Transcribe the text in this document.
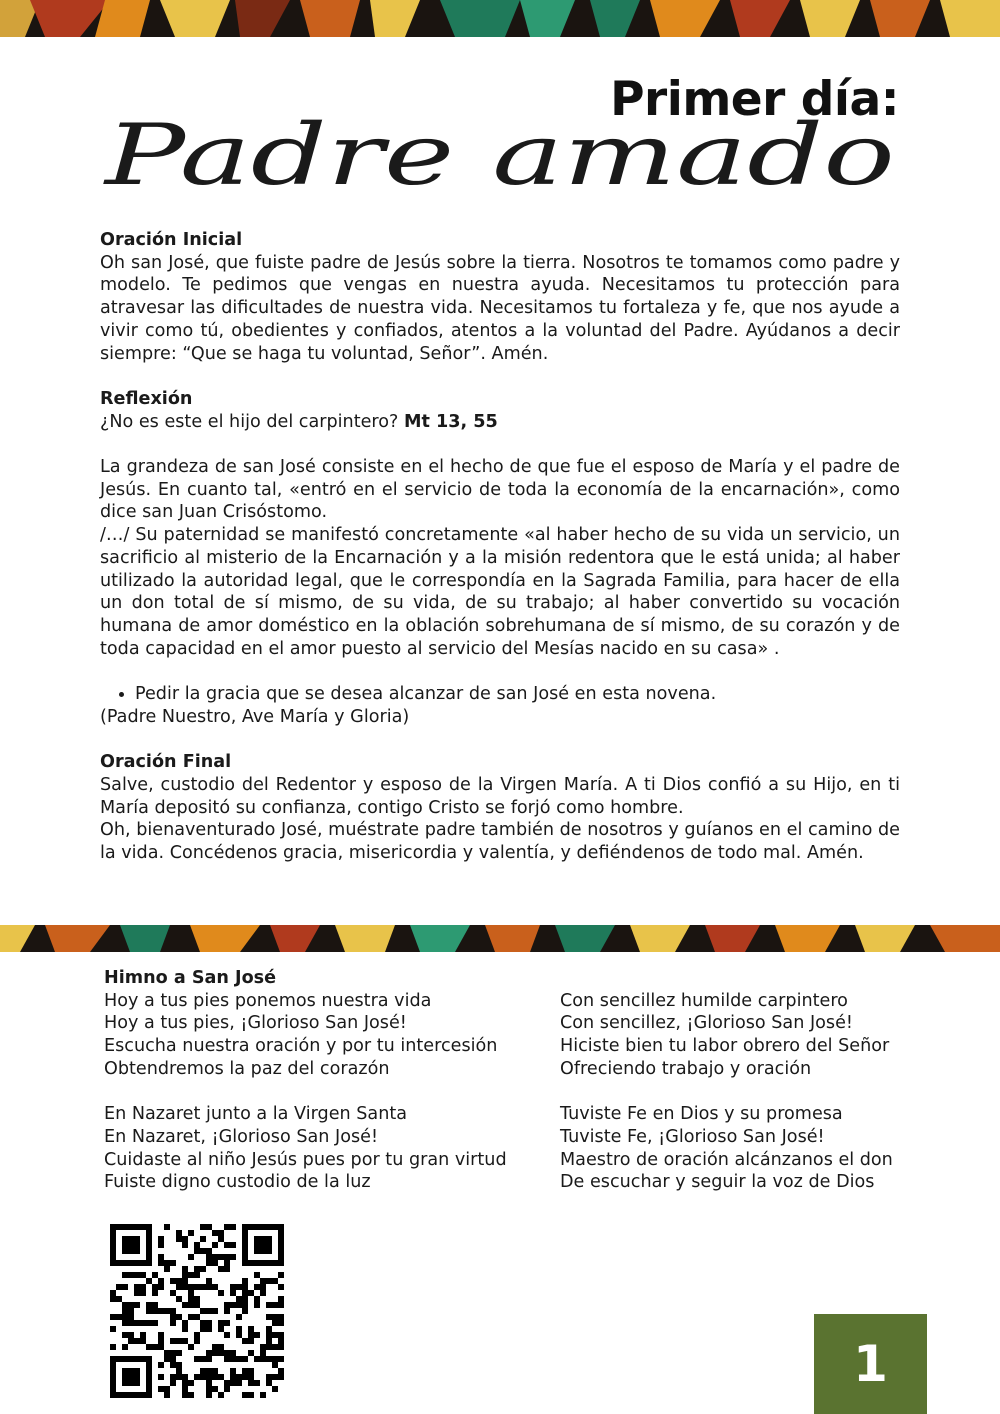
Primer día:
Padre amado
Oración Inicial

Oh san José, que fuiste padre de Jesús sobre la tierra. Nosotros te tomamos como padre y modelo. Te pedimos que vengas en nuestra ayuda. Necesitamos tu protección para atravesar las dificultades de nuestra vida. Necesitamos tu fortaleza y fe, que nos ayude a vivir como tú, obedientes y confiados, atentos a la voluntad del Padre. Ayúdanos a decir siempre: “Que se haga tu voluntad, Señor”. Amén.

Reflexión

¿No es este el hijo del carpintero? Mt 13, 55

La grandeza de san José consiste en el hecho de que fue el esposo de María y el padre de Jesús. En cuanto tal, «entró en el servicio de toda la economía de la encarnación», como dice san Juan Crisóstomo.

/…/ Su paternidad se manifestó concretamente «al haber hecho de su vida un servicio, un sacrificio al misterio de la Encarnación y a la misión redentora que le está unida; al haber utilizado la autoridad legal, que le correspondía en la Sagrada Familia, para hacer de ella un don total de sí mismo, de su vida, de su trabajo; al haber convertido su vocación humana de amor doméstico en la oblación sobrehumana de sí mismo, de su corazón y de toda capacidad en el amor puesto al servicio del Mesías nacido en su casa» .

• Pedir la gracia que se desea alcanzar de san José en esta novena.

(Padre Nuestro, Ave María y Gloria)

Oración Final

Salve, custodio del Redentor y esposo de la Virgen María. A ti Dios confió a su Hijo, en ti María depositó su confianza, contigo Cristo se forjó como hombre.

Oh, bienaventurado José, muéstrate padre también de nosotros y guíanos en el camino de la vida. Concédenos gracia, misericordia y valentía, y defiéndenos de todo mal. Amén.

Himno a San José
Hoy a tus pies ponemos nuestra vida
Hoy a tus pies, ¡Glorioso San José!
Escucha nuestra oración y por tu intercesión
Obtendremos la paz del corazón
En Nazaret junto a la Virgen Santa
En Nazaret, ¡Glorioso San José!
Cuidaste al niño Jesús pues por tu gran virtud
Fuiste digno custodio de la luz
Con sencillez humilde carpintero
Con sencillez, ¡Glorioso San José!
Hiciste bien tu labor obrero del Señor
Ofreciendo trabajo y oración
Tuviste Fe en Dios y su promesa
Tuviste Fe, ¡Glorioso San José!
Maestro de oración alcánzanos el don
De escuchar y seguir la voz de Dios
1
